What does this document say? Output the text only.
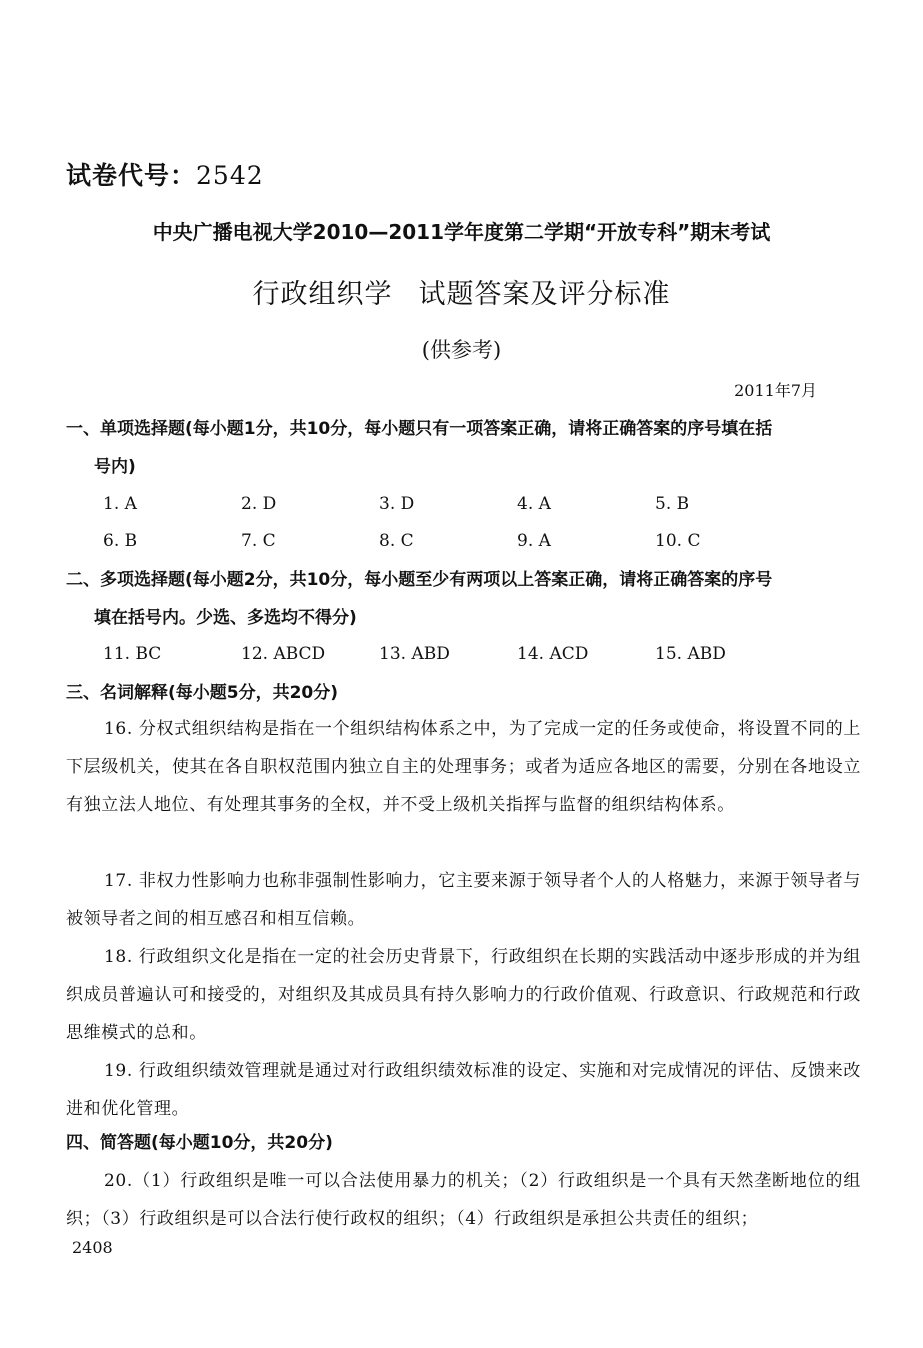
试卷代号：2542
中央广播电视大学2010—2011学年度第二学期“开放专科”期末考试
行政组织学 试题答案及评分标准
(供参考)
2011年7月
一、单项选择题(每小题1分，共10分，每小题只有一项答案正确，请将正确答案的序号填在括
号内)
1. A	2. D	3. D	4. A	5. B
6. B	7. C	8. C	9. A	10. C
二、多项选择题(每小题2分，共10分，每小题至少有两项以上答案正确，请将正确答案的序号
填在括号内。少选、多选均不得分)
11. BC	12. ABCD	13. ABD	14. ACD	15. ABD
三、名词解释(每小题5分，共20分)

16. 分权式组织结构是指在一个组织结构体系之中，为了完成一定的任务或使命，将设置不同的上下层级机关，使其在各自职权范围内独立自主的处理事务；或者为适应各地区的需要，分别在各地设立有独立法人地位、有处理其事务的全权，并不受上级机关指挥与监督的组织结构体系。

17. 非权力性影响力也称非强制性影响力，它主要来源于领导者个人的人格魅力，来源于领导者与被领导者之间的相互感召和相互信赖。

18. 行政组织文化是指在一定的社会历史背景下，行政组织在长期的实践活动中逐步形成的并为组织成员普遍认可和接受的，对组织及其成员具有持久影响力的行政价值观、行政意识、行政规范和行政思维模式的总和。

19. 行政组织绩效管理就是通过对行政组织绩效标准的设定、实施和对完成情况的评估、反馈来改进和优化管理。

四、简答题(每小题10分，共20分)

20.（1）行政组织是唯一可以合法使用暴力的机关；（2）行政组织是一个具有天然垄断地位的组织；（3）行政组织是可以合法行使行政权的组织；（4）行政组织是承担公共责任的组织；

2408
